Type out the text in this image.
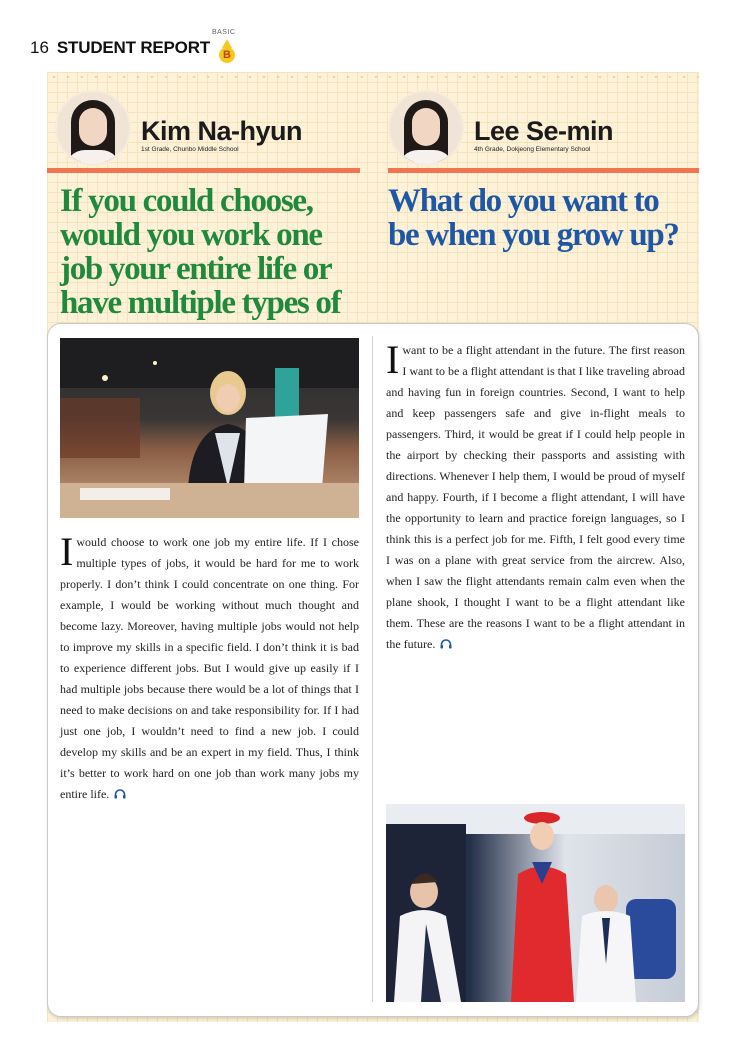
16 STUDENT REPORT
BASIC
B
Kim Na-hyun
1st Grade, Chunbo Middle School
Lee Se-min
4th Grade, Dokjeong Elementary School
If you could choose, would you work one job your entire life or have multiple types of
What do you want to be when you grow up?
I would choose to work one job my entire life. If I chose multiple types of jobs, it would be hard for me to work properly. I don’t think I could concentrate on one thing. For example, I would be working without much thought and become lazy. Moreover, having multiple jobs would not help to improve my skills in a specific field. I don’t think it is bad to experience different jobs. But I would give up easily if I had multiple jobs because there would be a lot of things that I need to make decisions on and take responsibility for. If I had just one job, I wouldn’t need to find a new job. I could develop my skills and be an expert in my field. Thus, I think it’s better to work hard on one job than work many jobs my entire life.
I want to be a flight attendant in the future. The first reason I want to be a flight attendant is that I like traveling abroad and having fun in foreign countries. Second, I want to help and keep passengers safe and give in-flight meals to passengers. Third, it would be great if I could help people in the airport by checking their passports and assisting with directions. Whenever I help them, I would be proud of myself and happy. Fourth, if I become a flight attendant, I will have the opportunity to learn and practice foreign languages, so I think this is a perfect job for me. Fifth, I felt good every time I was on a plane with great service from the aircrew. Also, when I saw the flight attendants remain calm even when the plane shook, I thought I want to be a flight attendant like them. These are the reasons I want to be a flight attendant in the future.
